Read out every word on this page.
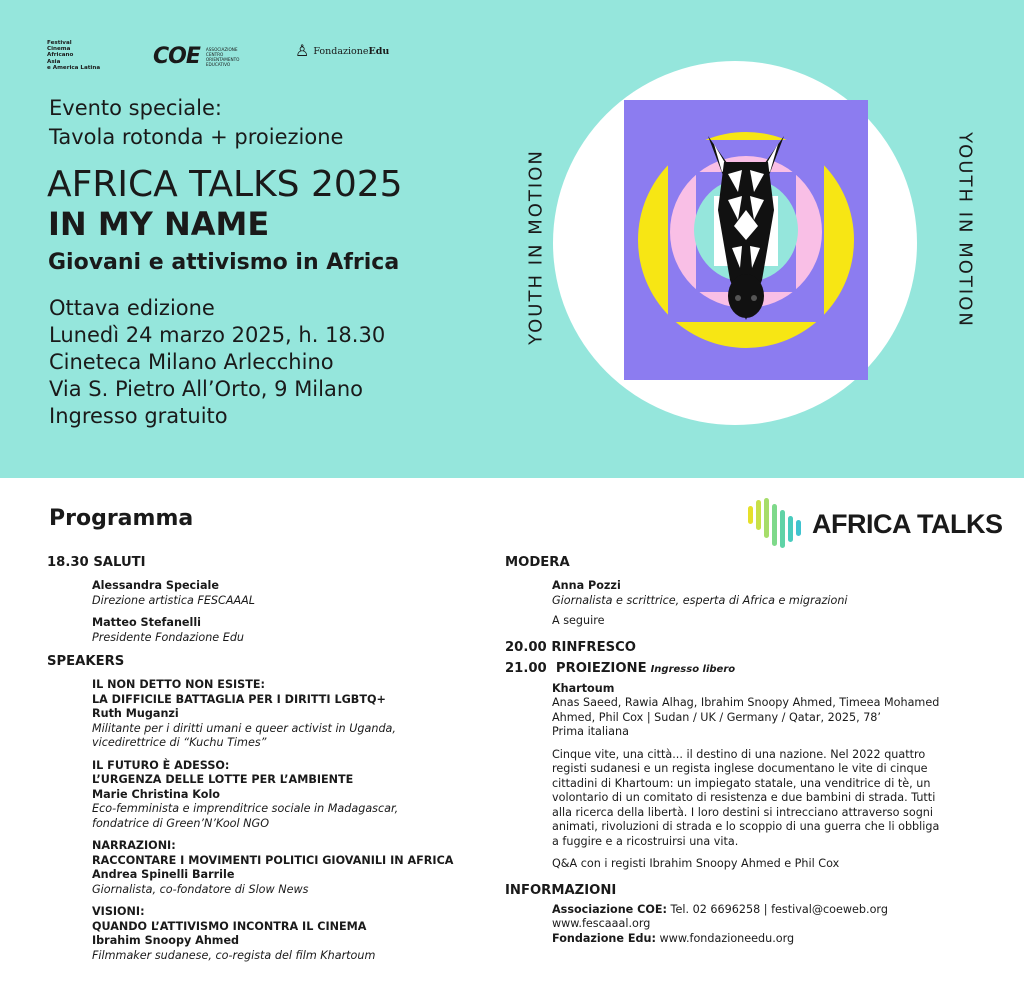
Festival
Cinema
Africano
Asia
e America Latina	COE ASSOCIAZIONE
CENTRO
ORIENTAMENTO
EDUCATIVO
♙ FondazioneEdu
Evento speciale:
Tavola rotonda + proiezione
AFRICA TALKS 2025
IN MY NAME
Giovani e attivismo in Africa
Ottava edizione
Lunedì 24 marzo 2025, h. 18.30
Cineteca Milano Arlecchino
Via S. Pietro All’Orto, 9 Milano
Ingresso gratuito
YOUTH IN MOTION	YOUTH IN MOTION
Programma	AFRICA TALKS
18.30 SALUTI
Alessandra Speciale
Direzione artistica FESCAAAL
Matteo Stefanelli
Presidente Fondazione Edu
SPEAKERS
IL NON DETTO NON ESISTE:
LA DIFFICILE BATTAGLIA PER I DIRITTI LGBTQ+
Ruth Muganzi
Militante per i diritti umani e queer activist in Uganda,
vicedirettrice di “Kuchu Times”
IL FUTURO È ADESSO:
L’URGENZA DELLE LOTTE PER L’AMBIENTE
Marie Christina Kolo
Eco-femminista e imprenditrice sociale in Madagascar,
fondatrice di Green’N’Kool NGO
NARRAZIONI:
RACCONTARE I MOVIMENTI POLITICI GIOVANILI IN AFRICA
Andrea Spinelli Barrile
Giornalista, co-fondatore di Slow News
VISIONI:
QUANDO L’ATTIVISMO INCONTRA IL CINEMA
Ibrahim Snoopy Ahmed
Filmmaker sudanese, co-regista del film Khartoum
MODERA
Anna Pozzi
Giornalista e scrittrice, esperta di Africa e migrazioni
A seguire
20.00 RINFRESCO
21.00 PROIEZIONE Ingresso libero
Khartoum
Anas Saeed, Rawia Alhag, Ibrahim Snoopy Ahmed, Timeea Mohamed
Ahmed, Phil Cox | Sudan / UK / Germany / Qatar, 2025, 78’
Prima italiana
Cinque vite, una città... il destino di una nazione. Nel 2022 quattro
registi sudanesi e un regista inglese documentano le vite di cinque
cittadini di Khartoum: un impiegato statale, una venditrice di tè, un
volontario di un comitato di resistenza e due bambini di strada. Tutti
alla ricerca della libertà. I loro destini si intrecciano attraverso sogni
animati, rivoluzioni di strada e lo scoppio di una guerra che li obbliga
a fuggire e a ricostruirsi una vita.
Q&A con i registi Ibrahim Snoopy Ahmed e Phil Cox
INFORMAZIONI
Associazione COE: Tel. 02 6696258 | festival@coeweb.org
www.fescaaal.org
Fondazione Edu: www.fondazioneedu.org
